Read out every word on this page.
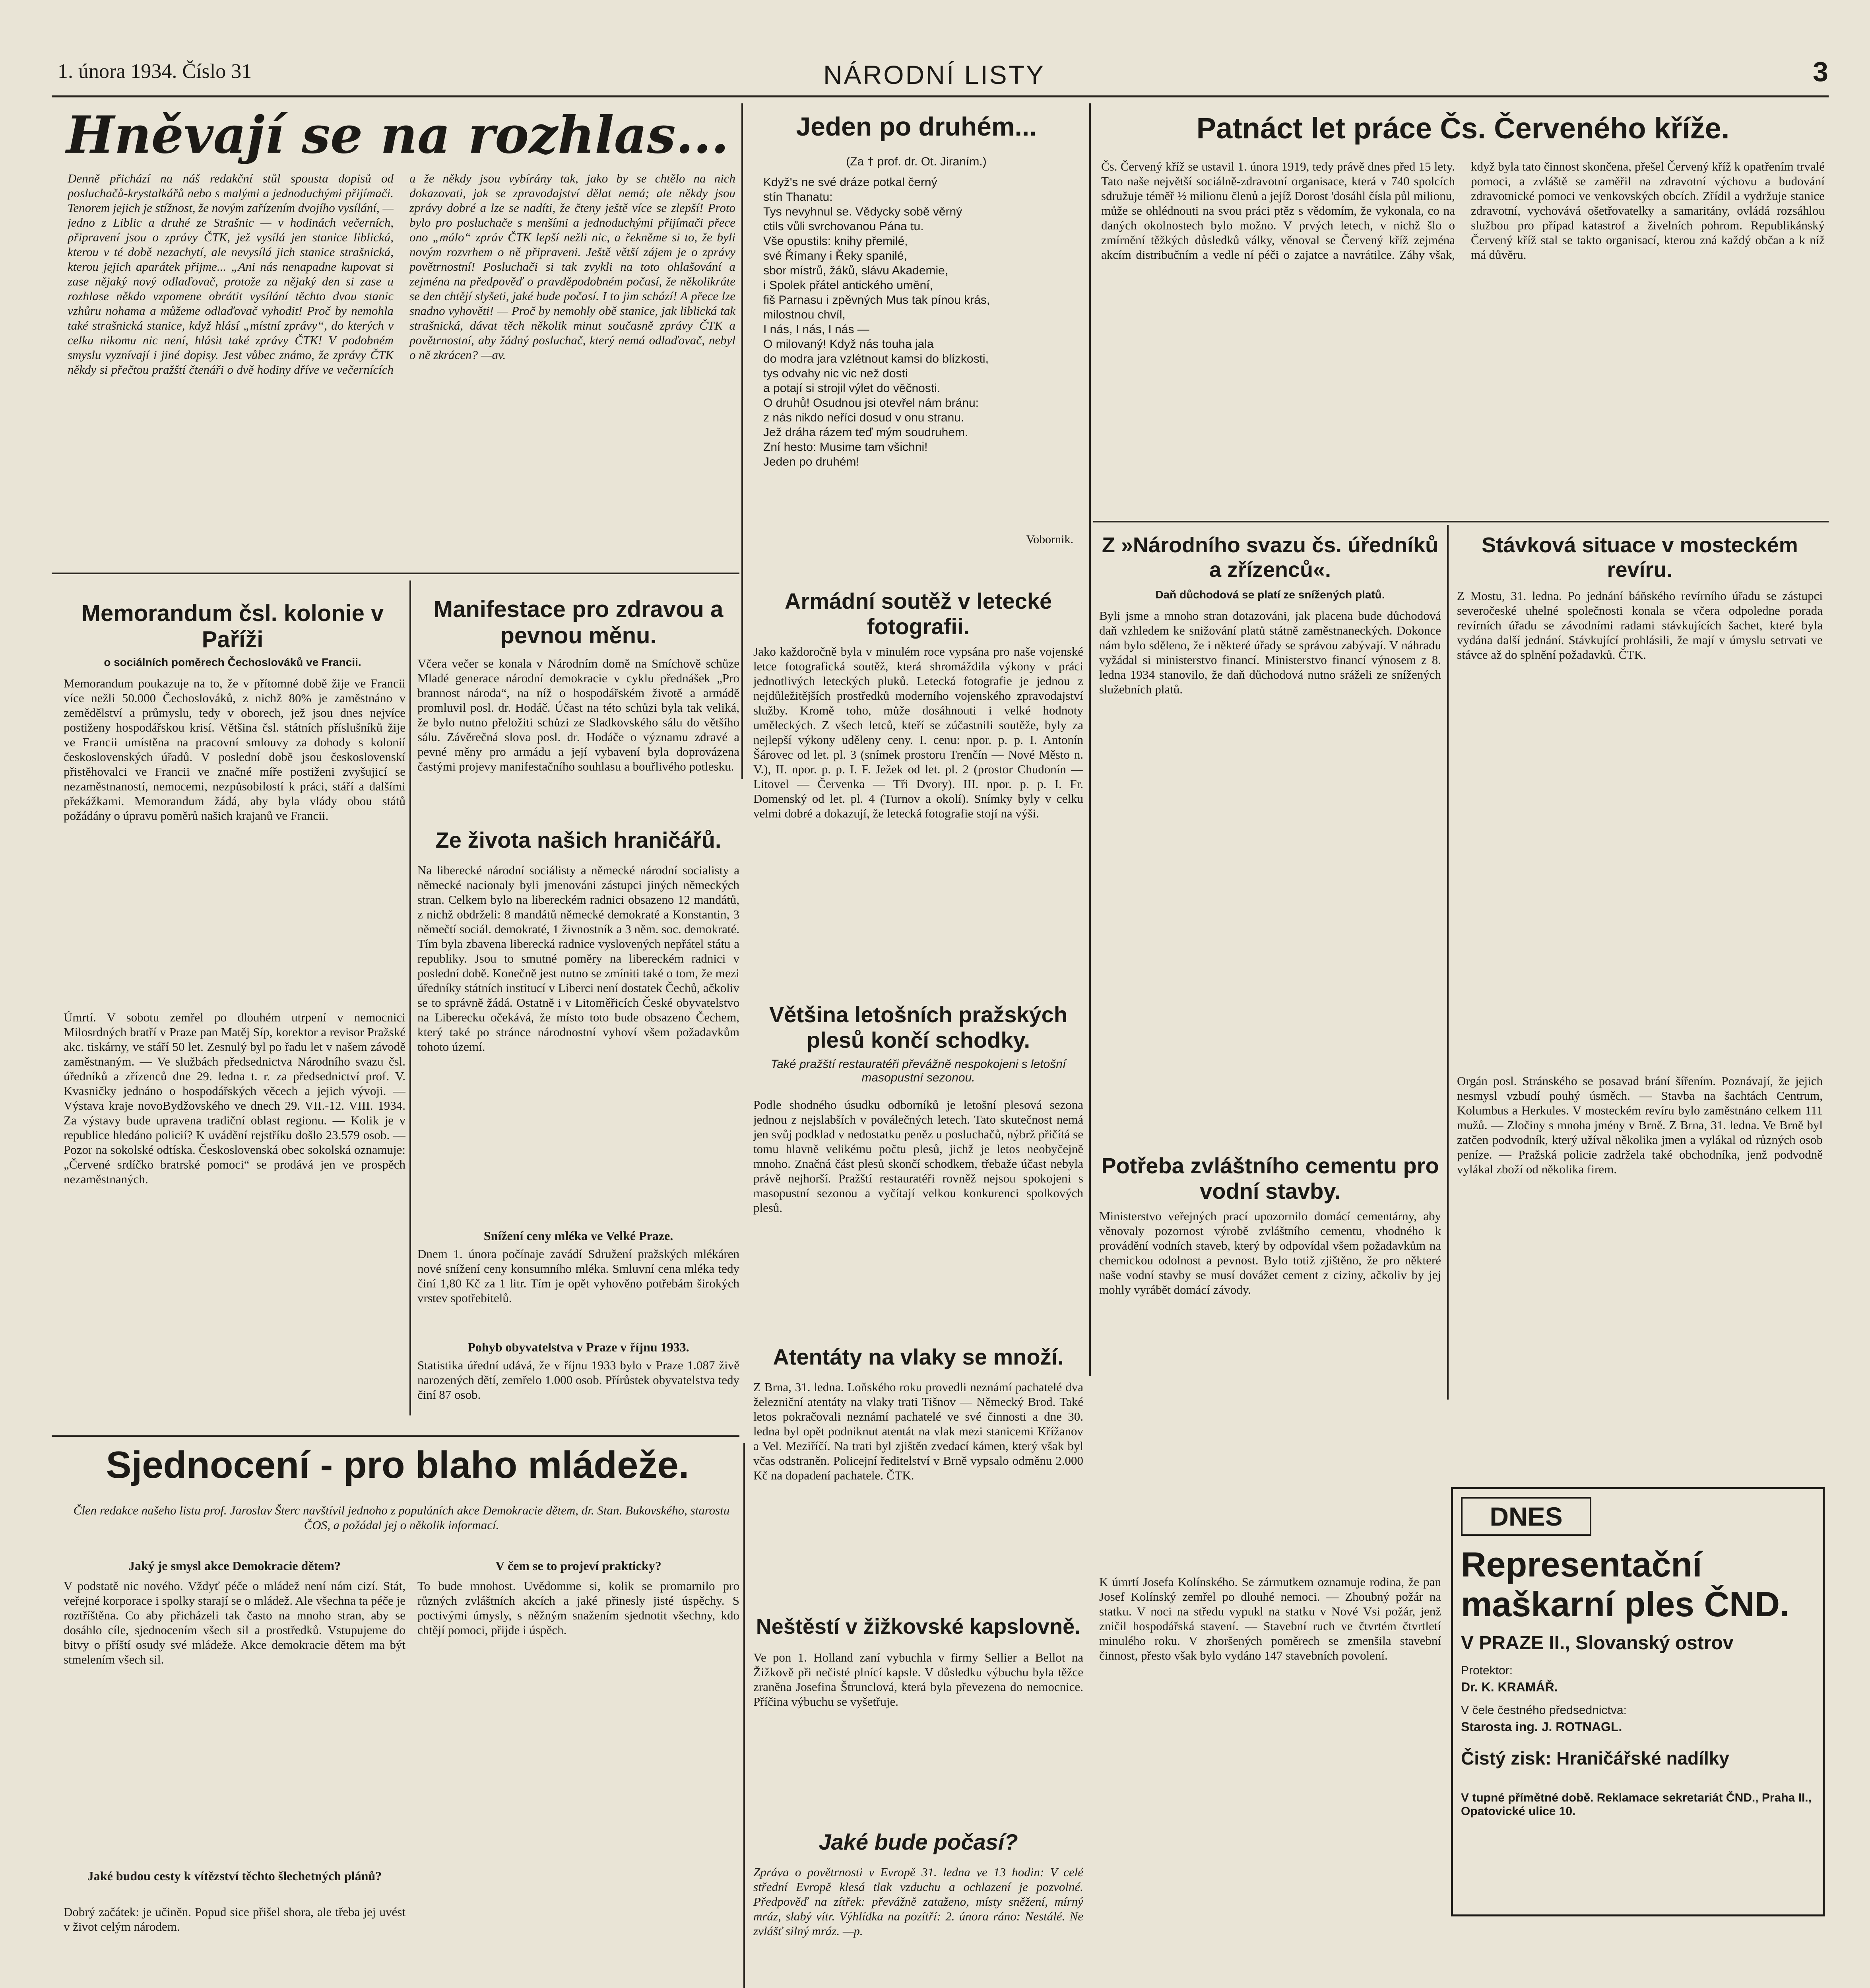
1. února 1934. Číslo 31	NÁRODNÍ LISTY	3
Hněvají se na rozhlas...
Denně přichází na náš redakční stůl spousta dopisů od posluchačů-krystalkářů nebo s malými a jednoduchými přijímači. Tenorem jejich je stížnost, že novým zařízením dvojího vysílání, — jedno z Liblic a druhé ze Strašnic — v hodinách večerních, připravení jsou o zprávy ČTK, jež vysílá jen stanice liblická, kterou v té době nezachytí, ale nevysílá jich stanice strašnická, kterou jejich aparátek přijme... „Ani nás nenapadne kupovat si zase nějaký nový odlaďovač, protože za nějaký den si zase u rozhlase někdo vzpomene obrátit vysílání těchto dvou stanic vzhůru nohama a můžeme odlaďovač vyhodit! Proč by nemohla také strašnická stanice, když hlásí „místní zprávy“, do kterých v celku nikomu nic není, hlásit také zprávy ČTK! V podobném smyslu vyznívají i jiné dopisy. Jest vůbec známo, že zprávy ČTK někdy si přečtou pražští čtenáři o dvě hodiny dříve ve večernících a že někdy jsou vybírány tak, jako by se chtělo na nich dokazovati, jak se zpravodajství dělat nemá; ale někdy jsou zprávy dobré a lze se nadíti, že čteny ještě více se zlepší! Proto bylo pro posluchače s menšími a jednoduchými přijímači přece ono „málo“ zpráv ČTK lepší nežli nic, a řekněme si to, že byli novým rozvrhem o ně připraveni. Ještě větší zájem je o zprávy povětrnostní! Posluchači si tak zvykli na toto ohlašování a zejména na předpověď o pravděpodobném počasí, že několikráte se den chtějí slyšeti, jaké bude počasí. I to jim schází! A přece lze snadno vyhověti! — Proč by nemohly obě stanice, jak liblická tak strašnická, dávat těch několik minut současně zprávy ČTK a povětrnostní, aby žádný posluchač, který nemá odlaďovač, nebyl o ně zkrácen? —av.
Jeden po druhém...
(Za † prof. dr. Ot. Jiraním.)
Když's ne své dráze potkal černý
stín Thanatu:
Tys nevyhnul se. Vědycky sobě věrný
ctils vůli svrchovanou Pána tu.
Vše opustils: knihy přemilé,
své Římany i Řeky spanilé,
sbor místrů, žáků, slávu Akademie,
i Spolek přátel antického umění,
fiš Parnasu i zpěvných Mus tak pínou krás,
milostnou chvíl,
I nás, I nás, I nás —
O milovaný! Když nás touha jala
do modra jara vzlétnout kamsi do blízkosti,
tys odvahy nic vic než dosti
a potají si strojil výlet do věčnosti.
O druhů! Osudnou jsi otevřel nám bránu:
z nás nikdo neříci dosud v onu stranu.
Jež dráha rázem teď mým soudruhem.
Zní hesto: Musime tam všichni!
Jeden po druhém!
Vobornik.
Patnáct let práce Čs. Červeného kříže.
Čs. Červený kříž se ustavil 1. února 1919, tedy právě dnes před 15 lety. Tato naše největší sociálně-zdravotní organisace, která v 740 spolcích sdružuje téměř ½ milionu členů a jejíž Dorost 'dosáhl čísla půl milionu, může se ohlédnouti na svou práci ptěz s vědomím, že vykonala, co na daných okolnostech bylo možno. V prvých letech, v nichž šlo o zmírnění těžkých důsledků války, věnoval se Červený kříž zejména akcím distribučním a vedle ní péči o zajatce a navrátilce. Záhy však, když byla tato činnost skončena, přešel Červený kříž k opatřením trvalé pomoci, a zvláště se zaměřil na zdravotní výchovu a budování zdravotnické pomoci ve venkovských obcích. Zřídil a vydržuje stanice zdravotní, vychovává ošetřovatelky a samaritány, ovládá rozsáhlou službou pro případ katastrof a živelních pohrom. Republikánský Červený kříž stal se takto organisací, kterou zná každý občan a k níž má důvěru.
Memorandum čsl. kolonie v Paříži
o sociálních poměrech Čechoslováků ve Francii.
Memorandum poukazuje na to, že v přítomné době žije ve Francii více nežli 50.000 Čechoslováků, z nichž 80% je zaměstnáno v zemědělství a průmyslu, tedy v oborech, jež jsou dnes nejvíce postiženy hospodářskou krisí. Většina čsl. státních příslušníků žije ve Francii umístěna na pracovní smlouvy za dohody s kolonií československých úřadů. V poslední době jsou československí přistěhovalci ve Francii ve značné míře postiženi zvyšujicí se nezaměstnaností, nemocemi, nezpůsobilostí k práci, stáří a dalšími překážkami. Memorandum žádá, aby byla vlády obou států požádány o úpravu poměrů našich krajanů ve Francii.
Manifestace pro zdravou a pevnou měnu.
Včera večer se konala v Národním domě na Smíchově schůze Mladé generace národní demokracie v cyklu přednášek „Pro brannost národa“, na níž o hospodářském životě a armádě promluvil posl. dr. Hodáč. Účast na této schůzi byla tak veliká, že bylo nutno přeložiti schůzi ze Sladkovského sálu do většího sálu. Závěrečná slova posl. dr. Hodáče o významu zdravé a pevné měny pro armádu a její vybavení byla doprovázena častými projevy manifestačního souhlasu a bouřlivého potlesku.
Ze života našich hraničářů.
Na liberecké národní sociálisty a německé národní socialisty a německé nacionaly byli jmenováni zástupci jiných německých stran. Celkem bylo na libereckém radnici obsazeno 12 mandátů, z nichž obdrželi: 8 mandátů německé demokraté a Konstantin, 3 němečtí sociál. demokraté, 1 živnostník a 3 něm. soc. demokraté. Tím byla zbavena liberecká radnice vyslovených nepřátel státu a republiky. Jsou to smutné poměry na libereckém radnici v poslední době. Konečně jest nutno se zmíniti také o tom, že mezi úředníky státních institucí v Liberci není dostatek Čechů, ačkoliv se to správně žádá. Ostatně i v Litoměřicích České obyvatelstvo na Liberecku očekává, že místo toto bude obsazeno Čechem, který také po stránce národnostní vyhoví všem požadavkům tohoto území.
Armádní soutěž v letecké fotografii.
Jako každoročně byla v minulém roce vypsána pro naše vojenské letce fotografická soutěž, která shromáždila výkony v práci jednotlivých leteckých pluků. Letecká fotografie je jednou z nejdůležitějších prostředků moderního vojenského zpravodajství služby. Kromě toho, může dosáhnouti i velké hodnoty uměleckých. Z všech letců, kteří se zúčastnili soutěže, byly za nejlepší výkony uděleny ceny. I. cenu: npor. p. p. I. Antonín Šárovec od let. pl. 3 (snímek prostoru Trenčín — Nové Město n. V.), II. npor. p. p. I. F. Ježek od let. pl. 2 (prostor Chudonín — Litovel — Červenka — Tři Dvory). III. npor. p. p. I. Fr. Domenský od let. pl. 4 (Turnov a okolí). Snímky byly v celku velmi dobré a dokazují, že letecká fotografie stojí na výši.
Většina letošních pražských plesů končí schodky.
Také pražští restauratéři převážně nespokojeni s letošní masopustní sezonou.
Podle shodného úsudku odborníků je letošní plesová sezona jednou z nejslabších v poválečných letech. Tato skutečnost nemá jen svůj podklad v nedostatku peněz u posluchačů, nýbrž přičítá se tomu hlavně velikému počtu plesů, jichž je letos neobyčejně mnoho. Značná část plesů skončí schodkem, třebaže účast nebyla právě nejhorší. Pražští restauratéři rovněž nejsou spokojeni s masopustní sezonou a vyčítají velkou konkurenci spolkových plesů.
Z »Národního svazu čs. úředníků a zřízenců«.
Daň důchodová se platí ze snížených platů.
Byli jsme a mnoho stran dotazováni, jak placena bude důchodová daň vzhledem ke snižování platů státně zaměstnaneckých. Dokonce nám bylo sděleno, že i některé úřady se správou zabývají. V náhradu vyžádal si ministerstvo financí. Ministerstvo financí výnosem z 8. ledna 1934 stanovilo, že daň důchodová nutno sráželi ze snížených služebních platů.
Stávková situace v mosteckém revíru.
Z Mostu, 31. ledna. Po jednání báňského revírního úřadu se zástupci severočeské uhelné společnosti konala se včera odpoledne porada revírních úřadu se závodními radami stávkujících šachet, které byla vydána další jednání. Stávkující prohlásili, že mají v úmyslu setrvati ve stávce až do splnění požadavků. ČTK.
Potřeba zvláštního cementu pro vodní stavby.
Ministerstvo veřejných prací upozornilo domácí cementárny, aby věnovaly pozornost výrobě zvláštního cementu, vhodného k provádění vodních staveb, který by odpovídal všem požadavkům na chemickou odolnost a pevnost. Bylo totiž zjištěno, že pro některé naše vodní stavby se musí dovážet cement z ciziny, ačkoliv by jej mohly vyrábět domácí závody.
Úmrtí. V sobotu zemřel po dlouhém utrpení v nemocnici Milosrdných bratří v Praze pan Matěj Síp, korektor a revisor Pražské akc. tiskárny, ve stáří 50 let. Zesnulý byl po řadu let v našem závodě zaměstnaným. — Ve službách předsednictva Národního svazu čsl. úředníků a zřízenců dne 29. ledna t. r. za předsednictví prof. V. Kvasničky jednáno o hospodářských věcech a jejich vývoji. — Výstava kraje novoBydžovského ve dnech 29. VII.-12. VIII. 1934. Za výstavy bude upravena tradiční oblast regionu. — Kolik je v republice hledáno policií? K uvádění rejstříku došlo 23.579 osob. — Pozor na sokolské odtíska. Československá obec sokolská oznamuje: „Červené srdíčko bratrské pomoci“ se prodává jen ve prospěch nezaměstnaných.
Snížení ceny mléka ve Velké Praze.
Dnem 1. února počínaje zavádí Sdružení pražských mlékáren nové snížení ceny konsumního mléka. Smluvní cena mléka tedy činí 1,80 Kč za 1 litr. Tím je opět vyhověno potřebám širokých vrstev spotřebitelů.
Pohyb obyvatelstva v Praze v říjnu 1933.
Statistika úřední udává, že v říjnu 1933 bylo v Praze 1.087 živě narozených dětí, zemřelo 1.000 osob. Přírůstek obyvatelstva tedy činí 87 osob.
Atentáty na vlaky se množí.
Z Brna, 31. ledna. Loňského roku provedli neznámí pachatelé dva železniční atentáty na vlaky trati Tišnov — Německý Brod. Také letos pokračovali neznámí pachatelé ve své činnosti a dne 30. ledna byl opět podniknut atentát na vlak mezi stanicemi Křížanov a Vel. Meziříčí. Na trati byl zjištěn zvedací kámen, který však byl včas odstraněn. Policejní ředitelství v Brně vypsalo odměnu 2.000 Kč na dopadení pachatele. ČTK.
Sjednocení - pro blaho mládeže.
Člen redakce našeho listu prof. Jaroslav Šterc navštívil jednoho z populáních akce Demokracie dětem, dr. Stan. Bukovského, starostu ČOS, a požádal jej o několik informací.
Jaký je smysl akce Demokracie dětem?
V podstatě nic nového. Vždyť péče o mládež není nám cizí. Stát, veřejné korporace i spolky starají se o mládež. Ale všechna ta péče je roztříštěna. Co aby přicházeli tak často na mnoho stran, aby se dosáhlo cíle, sjednocením všech sil a prostředků. Vstupujeme do bitvy o příští osudy své mládeže. Akce demokracie dětem ma být stmelením všech sil.
Jaké budou cesty k vítězství těchto šlechetných plánů?
Dobrý začátek: je učiněn. Popud sice přišel shora, ale třeba jej uvést v život celým národem.
V čem se to projeví prakticky?
To bude mnohost. Uvědomme si, kolik se promarnilo pro různých zvláštních akcích a jaké přinesly jisté úspěchy. S poctivými úmysly, s něžným snažením sjednotit všechny, kdo chtějí pomoci, přijde i úspěch.	Neštěstí v žižkovské kapslovně.
Ve pon 1. Holland zaní vybuchla v firmy Sellier a Bellot na Žižkově při nečisté plnící kapsle. V důsledku výbuchu byla těžce zraněna Josefina Štrunclová, která byla převezena do nemocnice. Příčina výbuchu se vyšetřuje.
Jaké bude počasí?
Zpráva o povětrnosti v Evropě 31. ledna ve 13 hodin: V celé střední Evropě klesá tlak vzduchu a ochlazení je pozvolné. Předpověď na zítřek: převážně zataženo, místy sněžení, mírný mráz, slabý vítr. Výhlídka na pozítří: 2. února ráno: Nestálé. Ne zvlášť silný mráz. —p.
K úmrtí Josefa Kolínského. Se zármutkem oznamuje rodina, že pan Josef Kolínský zemřel po dlouhé nemoci. — Zhoubný požár na statku. V noci na středu vypukl na statku v Nové Vsi požár, jenž zničil hospodářská stavení. — Stavební ruch ve čtvrtém čtvrtletí minulého roku. V zhoršených poměrech se zmenšila stavební činnost, přesto však bylo vydáno 147 stavebních povolení.
Orgán posl. Stránského se posavad brání šířením. Poznávají, že jejich nesmysl vzbudí pouhý úsměch. — Stavba na šachtách Centrum, Kolumbus a Herkules. V mosteckém revíru bylo zaměstnáno celkem 111 mužů. — Zločiny s mnoha jmény v Brně. Z Brna, 31. ledna. Ve Brně byl zatčen podvodník, který užíval několika jmen a vylákal od různých osob peníze. — Pražská policie zadržela také obchodníka, jenž podvodně vylákal zboží od několika firem.
DNES
Representační maškarní ples ČND.
V PRAZE II., Slovanský ostrov
Protektor:
Dr. K. KRAMÁŘ.
V čele čestného předsednictva:
Starosta ing. J. ROTNAGL.
Čistý zisk: Hraničářské nadílky
V tupné přímětné době. Reklamace sekretariát ČND., Praha II., Opatovické ulice 10.
